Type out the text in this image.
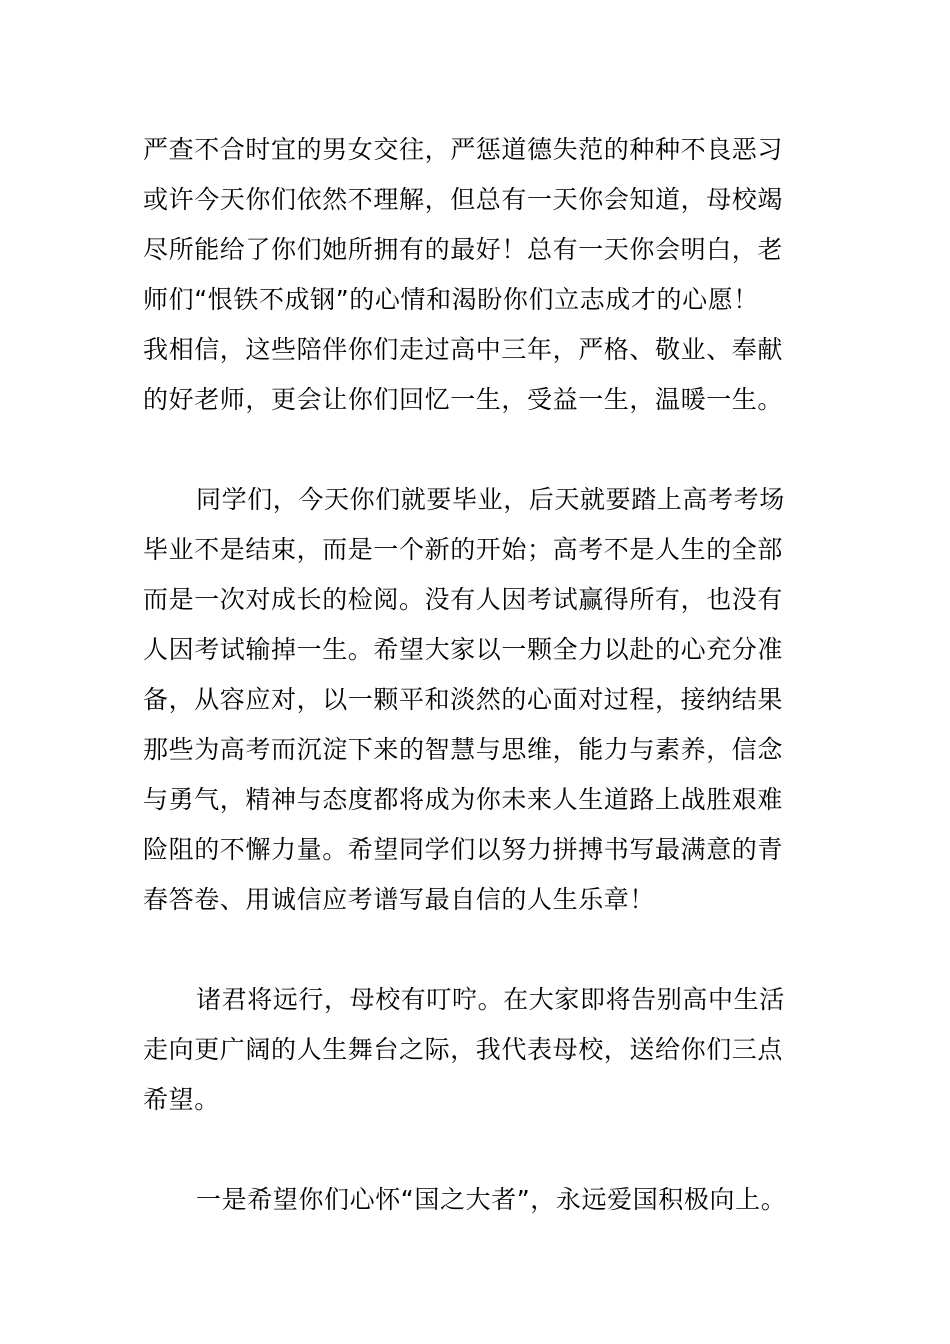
严查不合时宜的男女交往，严惩道德失范的种种不良恶习
或许今天你们依然不理解，但总有一天你会知道，母校竭
尽所能给了你们她所拥有的最好！总有一天你会明白，老
师们“恨铁不成钢”的心情和渴盼你们立志成才的心愿！
我相信，这些陪伴你们走过高中三年，严格、敬业、奉献
的好老师，更会让你们回忆一生，受益一生，温暖一生。
同学们，今天你们就要毕业，后天就要踏上高考考场
毕业不是结束，而是一个新的开始；高考不是人生的全部
而是一次对成长的检阅。没有人因考试赢得所有，也没有
人因考试输掉一生。希望大家以一颗全力以赴的心充分准
备，从容应对，以一颗平和淡然的心面对过程，接纳结果
那些为高考而沉淀下来的智慧与思维，能力与素养，信念
与勇气，精神与态度都将成为你未来人生道路上战胜艰难
险阻的不懈力量。希望同学们以努力拼搏书写最满意的青
春答卷、用诚信应考谱写最自信的人生乐章！
诸君将远行，母校有叮咛。在大家即将告别高中生活
走向更广阔的人生舞台之际，我代表母校，送给你们三点
希望。
一是希望你们心怀“国之大者”，永远爱国积极向上。
